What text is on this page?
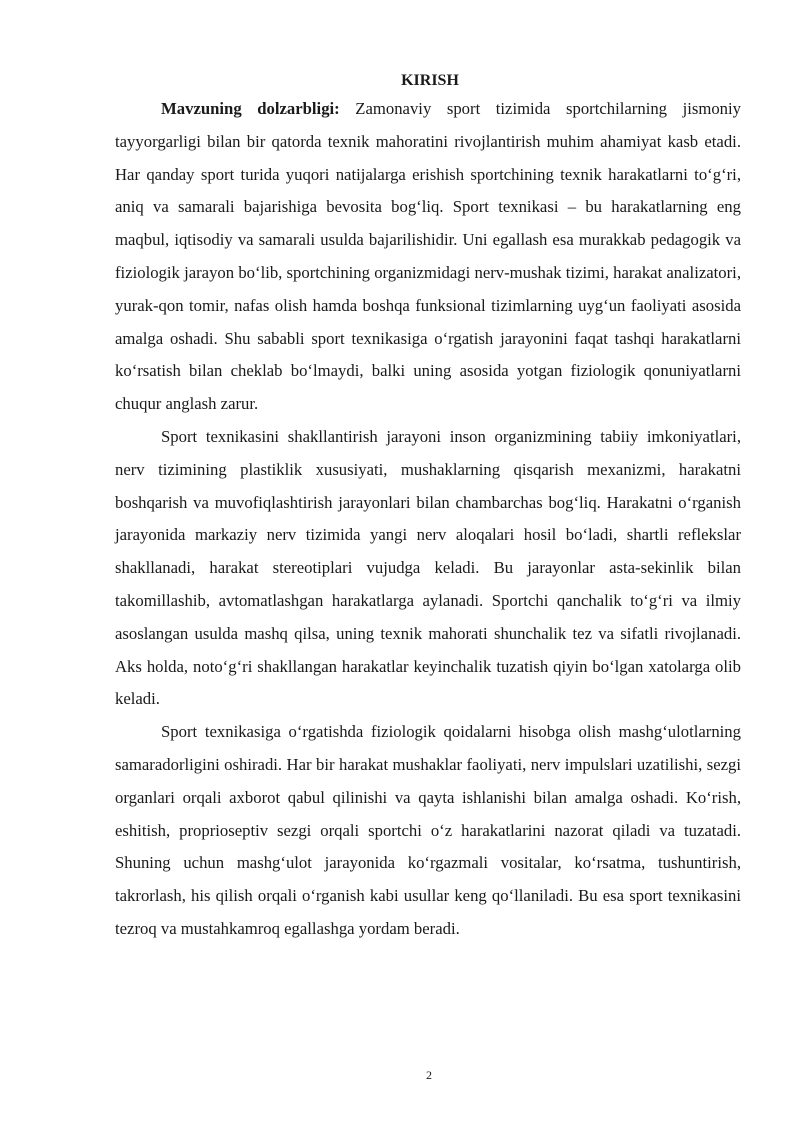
KIRISH

Mavzuning dolzarbligi: Zamonaviy sport tizimida sportchilarning jismoniy tayyorgarligi bilan bir qatorda texnik mahoratini rivojlantirish muhim ahamiyat kasb etadi. Har qanday sport turida yuqori natijalarga erishish sportchining texnik harakatlarni to‘g‘ri, aniq va samarali bajarishiga bevosita bog‘liq. Sport texnikasi – bu harakatlarning eng maqbul, iqtisodiy va samarali usulda bajarilishidir. Uni egallash esa murakkab pedagogik va fiziologik jarayon bo‘lib, sportchining organizmidagi nerv-mushak tizimi, harakat analizatori, yurak-qon tomir, nafas olish hamda boshqa funksional tizimlarning uyg‘un faoliyati asosida amalga oshadi. Shu sababli sport texnikasiga o‘rgatish jarayonini faqat tashqi harakatlarni ko‘rsatish bilan cheklab bo‘lmaydi, balki uning asosida yotgan fiziologik qonuniyatlarni chuqur anglash zarur.

Sport texnikasini shakllantirish jarayoni inson organizmining tabiiy imkoniyatlari, nerv tizimining plastiklik xususiyati, mushaklarning qisqarish mexanizmi, harakatni boshqarish va muvofiqlashtirish jarayonlari bilan chambarchas bog‘liq. Harakatni o‘rganish jarayonida markaziy nerv tizimida yangi nerv aloqalari hosil bo‘ladi, shartli reflekslar shakllanadi, harakat stereotiplari vujudga keladi. Bu jarayonlar asta-sekinlik bilan takomillashib, avtomatlashgan harakatlarga aylanadi. Sportchi qanchalik to‘g‘ri va ilmiy asoslangan usulda mashq qilsa, uning texnik mahorati shunchalik tez va sifatli rivojlanadi. Aks holda, noto‘g‘ri shakllangan harakatlar keyinchalik tuzatish qiyin bo‘lgan xatolarga olib keladi.

Sport texnikasiga o‘rgatishda fiziologik qoidalarni hisobga olish mashg‘ulotlarning samaradorligini oshiradi. Har bir harakat mushaklar faoliyati, nerv impulslari uzatilishi, sezgi organlari orqali axborot qabul qilinishi va qayta ishlanishi bilan amalga oshadi. Ko‘rish, eshitish, proprioseptiv sezgi orqali sportchi o‘z harakatlarini nazorat qiladi va tuzatadi. Shuning uchun mashg‘ulot jarayonida ko‘rgazmali vositalar, ko‘rsatma, tushuntirish, takrorlash, his qilish orqali o‘rganish kabi usullar keng qo‘llaniladi. Bu esa sport texnikasini tezroq va mustahkamroq egallashga yordam beradi.

2
